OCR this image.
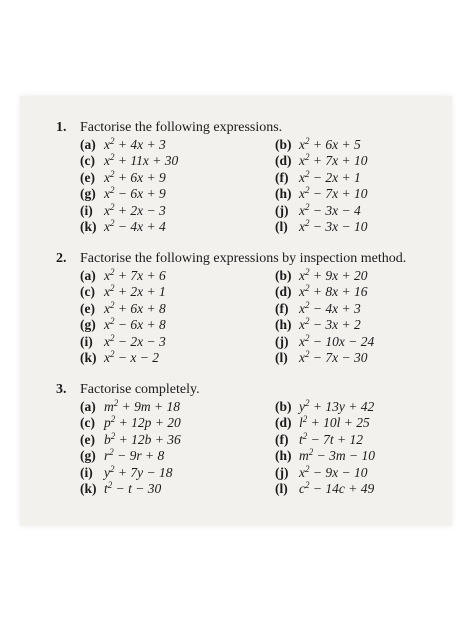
1. Factorise the following expressions.
(a) $x^2 + 4x + 3$	(b) $x^2 + 6x + 5$
(c) $x^2 + 11x + 30$	(d) $x^2 + 7x + 10$
(e) $x^2 + 6x + 9$	(f) $x^2 - 2x + 1$
(g) $x^2 - 6x + 9$	(h) $x^2 - 7x + 10$
(i) $x^2 + 2x - 3$	(j) $x^2 - 3x - 4$
(k) $x^2 - 4x + 4$	(l) $x^2 - 3x - 10$
2. Factorise the following expressions by inspection method.
(a) $x^2 + 7x + 6$	(b) $x^2 + 9x + 20$
(c) $x^2 + 2x + 1$	(d) $x^2 + 8x + 16$
(e) $x^2 + 6x + 8$	(f) $x^2 - 4x + 3$
(g) $x^2 - 6x + 8$	(h) $x^2 - 3x + 2$
(i) $x^2 - 2x - 3$	(j) $x^2 - 10x - 24$
(k) $x^2 - x - 2$	(l) $x^2 - 7x - 30$
3. Factorise completely.
(a) $m^2 + 9m + 18$	(b) $y^2 + 13y + 42$
(c) $p^2 + 12p + 20$	(d) $l^2 + 10l + 25$
(e) $b^2 + 12b + 36$	(f) $t^2 - 7t + 12$
(g) $r^2 - 9r + 8$	(h) $m^2 - 3m - 10$
(i) $y^2 + 7y - 18$	(j) $x^2 - 9x - 10$
(k) $t^2 - t - 30$	(l) $c^2 - 14c + 49$
